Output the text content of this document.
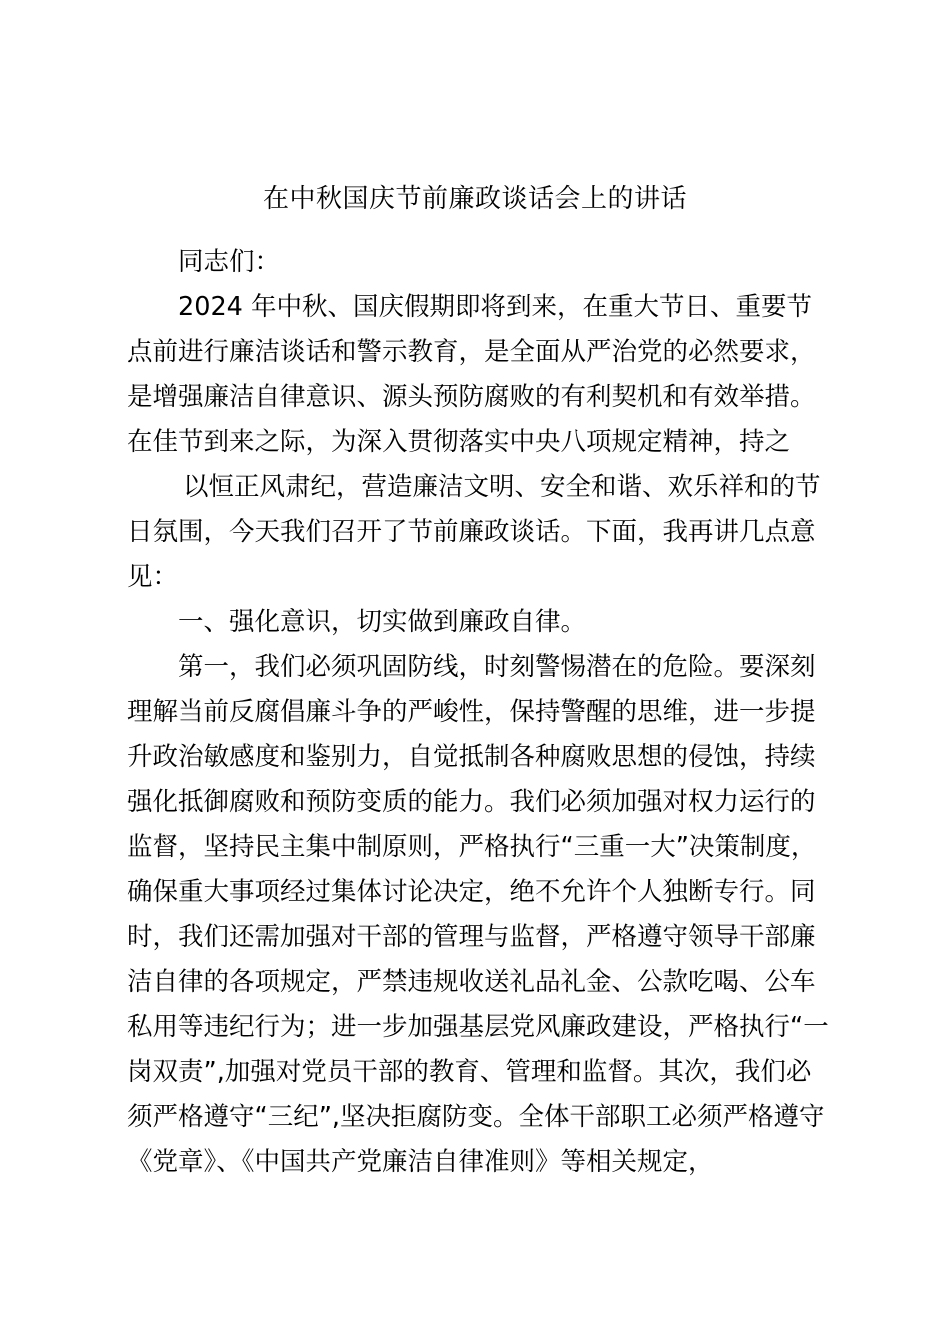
在中秋国庆节前廉政谈话会上的讲话
同志们：
2024 年中秋、国庆假期即将到来，在重大节日、重要节
点前进行廉洁谈话和警示教育，是全面从严治党的必然要求，
是增强廉洁自律意识、源头预防腐败的有利契机和有效举措。
在佳节到来之际，为深入贯彻落实中央八项规定精神，持之
以恒正风肃纪，营造廉洁文明、安全和谐、欢乐祥和的节
日氛围，今天我们召开了节前廉政谈话。下面，我再讲几点意
见：
一、强化意识，切实做到廉政自律。
第一，我们必须巩固防线，时刻警惕潜在的危险。要深刻
理解当前反腐倡廉斗争的严峻性，保持警醒的思维，进一步提
升政治敏感度和鉴别力，自觉抵制各种腐败思想的侵蚀，持续
强化抵御腐败和预防变质的能力。我们必须加强对权力运行的
监督，坚持民主集中制原则，严格执行“三重一大”决策制度，
确保重大事项经过集体讨论决定，绝不允许个人独断专行。同
时，我们还需加强对干部的管理与监督，严格遵守领导干部廉
洁自律的各项规定，严禁违规收送礼品礼金、公款吃喝、公车
私用等违纪行为；进一步加强基层党风廉政建设，严格执行“一
岗双责”,加强对党员干部的教育、管理和监督。其次，我们必
须严格遵守“三纪”,坚决拒腐防变。全体干部职工必须严格遵守
《党章》、《中国共产党廉洁自律准则》等相关规定，
